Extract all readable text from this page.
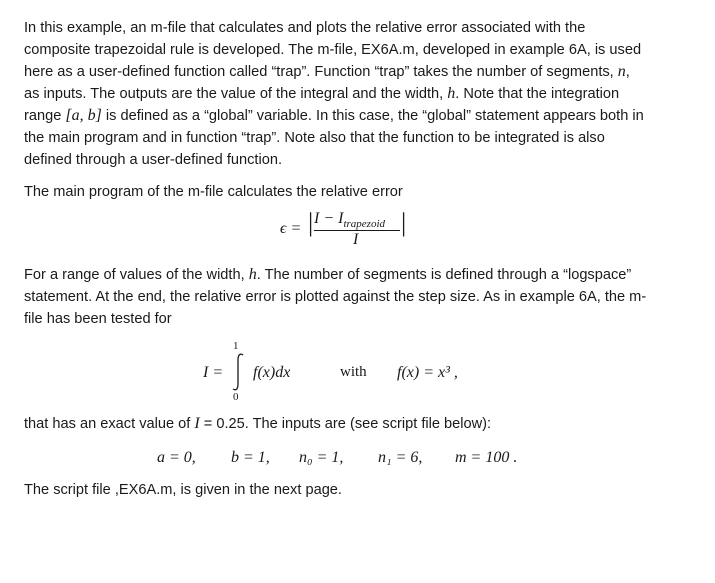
In this example, an m-file that calculates and plots the relative error associated with the
composite trapezoidal rule is developed. The m-file, EX6A.m, developed in example 6A, is used
here as a user-defined function called “trap”. Function “trap” takes the number of segments, n,
as inputs. The outputs are the value of the integral and the width, h. Note that the integration
range [a, b] is defined as a “global” variable. In this case, the “global” statement appears both in
the main program and in function “trap”. Note also that the function to be integrated is also
defined through a user-defined function.
The main program of the m-file calculates the relative error
ϵ = | $I - I_{trapezoid}$ |
I
For a range of values of the width, h. The number of segments is defined through a “logspace”
statement. At the end, the relative error is plotted against the step size. As in example 6A, the m-
file has been tested for
I =
1
0
f(x)dx	with f(x) = x³ ,
that has an exact value of I = 0.25. The inputs are (see script file below):
a = 0, b = 1, n₀ = 1, n₁ = 6, m = 100 .
The script file ,EX6A.m, is given in the next page.
